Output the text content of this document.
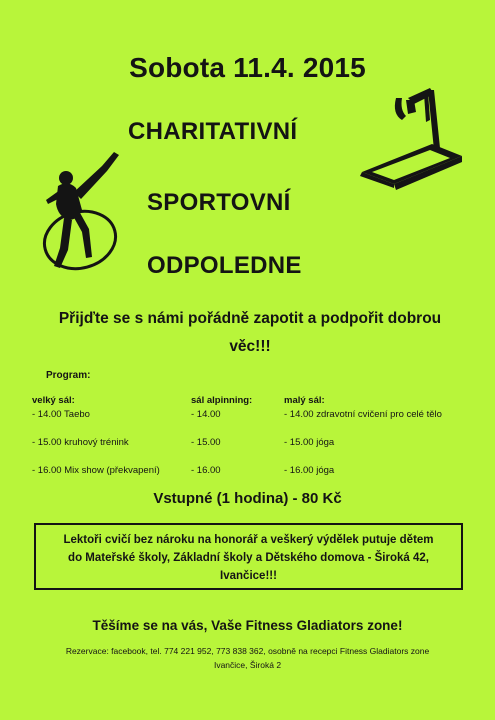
Sobota 11.4. 2015
CHARITATIVNÍ
SPORTOVNÍ
ODPOLEDNE
Přijďte se s námi pořádně zapotit a podpořit dobrou
věc!!!
Program:
velký sál:
- 14.00 Taebo
- 15.00 kruhový trénink
- 16.00 Mix show (překvapení)
sál alpinning:
- 14.00
- 15.00
- 16.00
malý sál:
- 14.00 zdravotní cvičení pro celé tělo
- 15.00 jóga
- 16.00 jóga
Vstupné (1 hodina) - 80 Kč
Lektoři cvičí bez nároku na honorář a veškerý výdělek putuje dětem
do Mateřské školy, Základní školy a Dětského domova - Široká 42,
Ivančice!!!
Těšíme se na vás, Vaše Fitness Gladiators zone!
Rezervace: facebook, tel. 774 221 952, 773 838 362, osobně na recepci Fitness Gladiators zone
Ivančice, Široká 2
